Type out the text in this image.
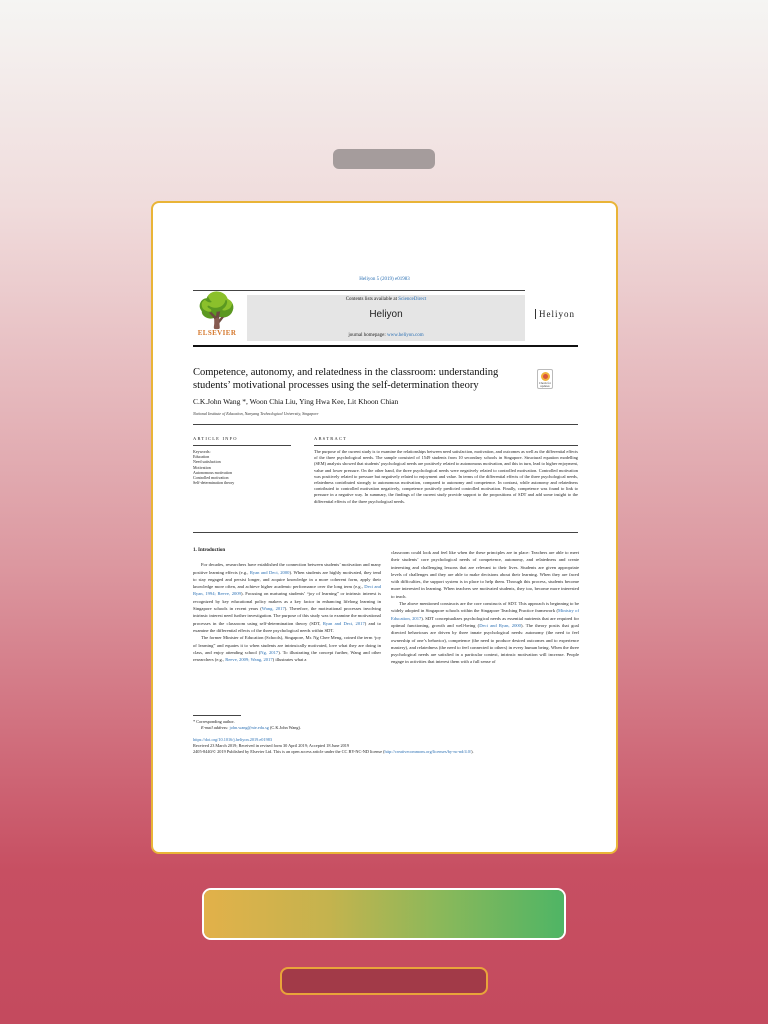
Heliyon 5 (2019) e01983
🌳
ELSEVIER
Contents lists available at ScienceDirect
Heliyon
journal homepage: www.heliyon.com
Heliyon
Competence, autonomy, and relatedness in the classroom: understanding students’ motivational processes using the self-determination theory	Check for updates
C.K.John Wang *, Woon Chia Liu, Ying Hwa Kee, Lit Khoon Chian
National Institute of Education, Nanyang Technological University, Singapore
ARTICLE INFO	ABSTRACT
Keywords:
Education
Need satisfaction
Motivation
Autonomous motivation
Controlled motivation
Self-determination theory
The purpose of the current study is to examine the relationships between need satisfaction, motivation, and outcomes as well as the differential effects of the three psychological needs. The sample consisted of 1549 students from 10 secondary schools in Singapore. Structural equation modelling (SEM) analysis showed that students’ psychological needs are positively related to autonomous motivation, and this in turn, lead to higher enjoyment, value and lower pressure. On the other hand, the three psychological needs were negatively related to controlled motivation. Controlled motivation was positively related to pressure but negatively related to enjoyment and value. In terms of the differential effects of the three psychological needs, relatedness contributed strongly to autonomous motivation, compared to autonomy and competence. In contrast, while autonomy and relatedness contributed to controlled motivation negatively, competence positively predicted controlled motivation. Finally, competence was found to link to pressure in a negative way. In summary, the findings of the current study provide support to the propositions of SDT and add some insight to the differential effects of the three psychological needs.
1. Introduction

For decades, researchers have established the connection between students’ motivation and many positive learning effects (e.g., Ryan and Deci, 2000). When students are highly motivated, they tend to stay engaged and persist longer, and acquire knowledge in a more coherent form, apply their knowledge more often, and achieve higher academic performance over the long term (e.g., Deci and Ryan, 1994; Reeve, 2009). Focusing on nurturing students’ “joy of learning” or intrinsic interest is recognized by key educational policy makers as a key factor in enhancing lifelong learning in Singapore schools in recent years (Wang, 2017). Therefore, the motivational processes involving intrinsic interest need further investigation. The purpose of this study was to examine the motivational processes in the classroom using self-determination theory (SDT, Ryan and Deci, 2017) and to examine the differential effects of the three psychological needs within SDT.

The former Minister of Education (Schools), Singapore, Mr. Ng Chee Meng, coined the term ‘joy of learning” and equates it to when students are intrinsically motivated, love what they are doing in class, and enjoy attending school (Ng, 2017). To illustrating the concept further, Wang and other researchers (e.g., Reeve, 2009; Wang, 2017) illustrates what a

classroom could look and feel like when the these principles are in place: Teachers are able to meet their students’ core psychological needs of competence, autonomy, and relatedness and create interesting and challenging lessons that are relevant to their lives. Students are given appropriate levels of challenges and they are able to make decisions about their learning. When they are faced with difficulties, the support system is in place to help them. Through this process, students become more interested in learning. When teachers see motivated students, they too, become more interested to teach.

The above mentioned constructs are the core constructs of SDT. This approach is beginning to be widely adopted in Singapore schools within the Singapore Teaching Practice framework (Ministry of Education, 2017). SDT conceptualizes psychological needs as essential nutrients that are required for optimal functioning, growth and well-being (Deci and Ryan, 2000). The theory posits that goal directed behaviours are driven by three innate psychological needs: autonomy (the need to feel ownership of one’s behavior), competence (the need to produce desired outcomes and to experience mastery), and relatedness (the need to feel connected to others) in every human being. When the three psychological needs are satisfied in a particular context, intrinsic motivation will increase. People engage in activities that interest them with a full sense of

* Corresponding author.
E-mail address: john.wang@nie.edu.sg (C.K.John Wang).
https://doi.org/10.1016/j.heliyon.2019.e01983
Received 23 March 2019; Received in revised form 30 April 2019; Accepted 18 June 2019
2405-8440/© 2019 Published by Elsevier Ltd. This is an open access article under the CC BY-NC-ND license (http://creativecommons.org/licenses/by-nc-nd/4.0/).
